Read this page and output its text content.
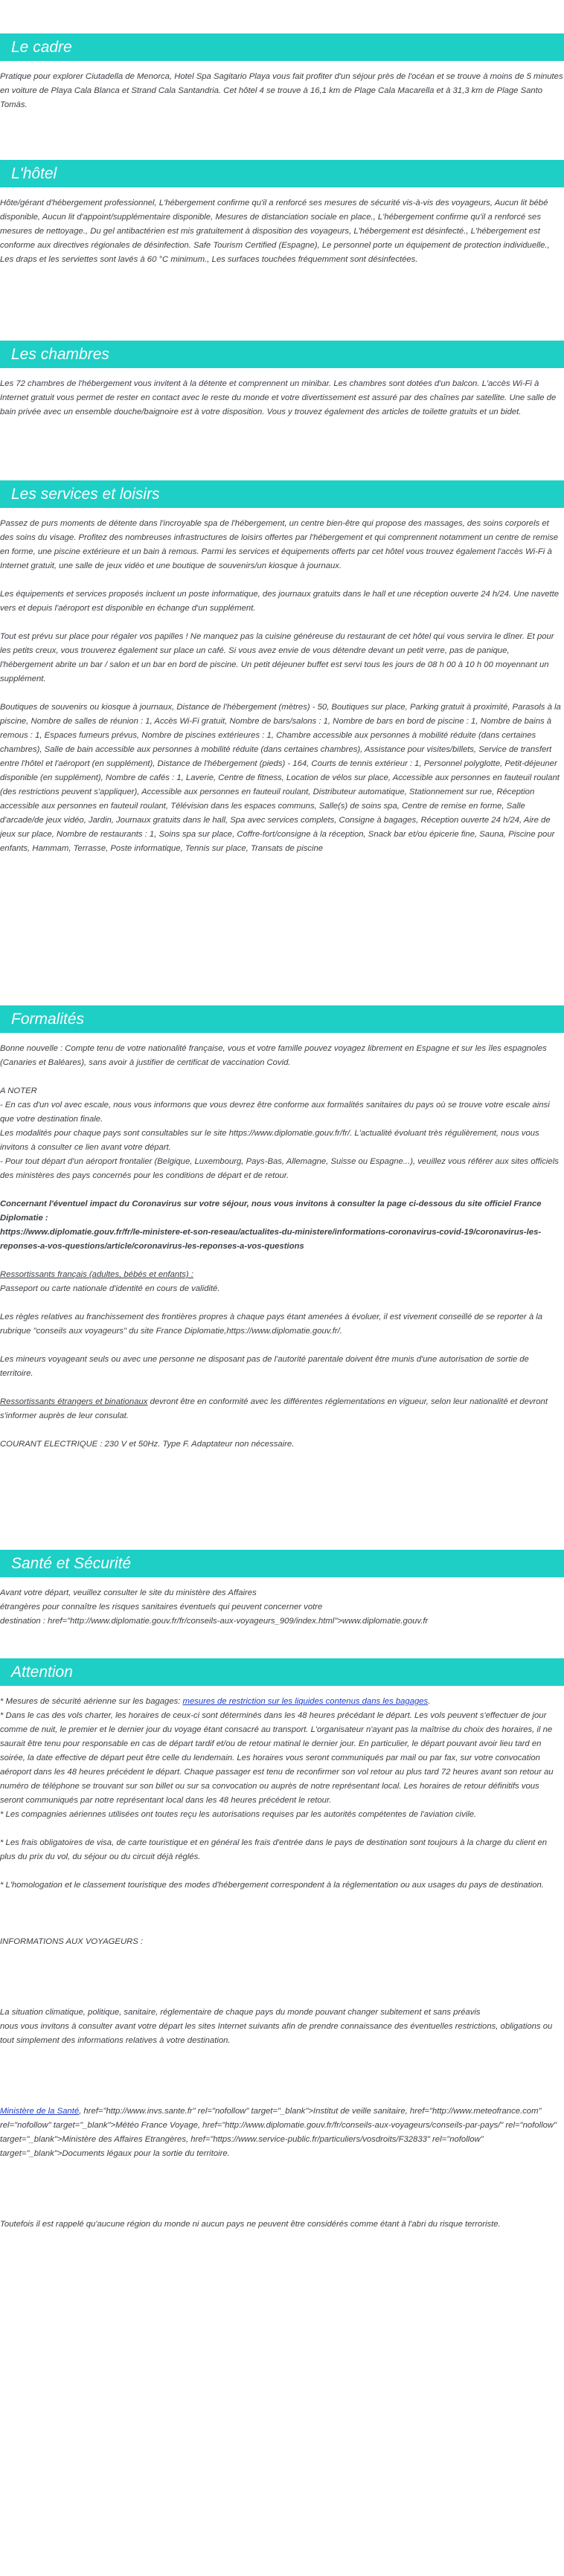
Le cadre

Pratique pour explorer Ciutadella de Menorca, Hotel Spa Sagitario Playa vous fait profiter d'un séjour près de l'océan et se trouve à moins de 5 minutes en voiture de Playa Cala Blanca et Strand Cala Santandria. Cet hôtel 4 se trouve à 16,1 km de Plage Cala Macarella et à 31,3 km de Plage Santo Tomás.

L'hôtel

Hôte/gérant d'hébergement professionnel, L'hébergement confirme qu'il a renforcé ses mesures de sécurité vis-à-vis des voyageurs, Aucun lit bébé disponible, Aucun lit d'appoint/supplémentaire disponible, Mesures de distanciation sociale en place., L'hébergement confirme qu'il a renforcé ses mesures de nettoyage., Du gel antibactérien est mis gratuitement à disposition des voyageurs, L'hébergement est désinfecté., L'hébergement est conforme aux directives régionales de désinfection. Safe Tourism Certified (Espagne), Le personnel porte un équipement de protection individuelle., Les draps et les serviettes sont lavés à 60 °C minimum., Les surfaces touchées fréquemment sont désinfectées.

Les chambres

Les 72 chambres de l'hébergement vous invitent à la détente et comprennent un minibar. Les chambres sont dotées d'un balcon. L'accès Wi-Fi à Internet gratuit vous permet de rester en contact avec le reste du monde et votre divertissement est assuré par des chaînes par satellite. Une salle de bain privée avec un ensemble douche/baignoire est à votre disposition. Vous y trouvez également des articles de toilette gratuits et un bidet.

Les services et loisirs

Passez de purs moments de détente dans l'incroyable spa de l'hébergement, un centre bien-être qui propose des massages, des soins corporels et des soins du visage. Profitez des nombreuses infrastructures de loisirs offertes par l'hébergement et qui comprennent notamment un centre de remise en forme, une piscine extérieure et un bain à remous. Parmi les services et équipements offerts par cet hôtel vous trouvez également l'accès Wi-Fi à Internet gratuit, une salle de jeux vidéo et une boutique de souvenirs/un kiosque à journaux.

Les équipements et services proposés incluent un poste informatique, des journaux gratuits dans le hall et une réception ouverte 24 h/24. Une navette vers et depuis l'aéroport est disponible en échange d'un supplément.

Tout est prévu sur place pour régaler vos papilles ! Ne manquez pas la cuisine généreuse du restaurant de cet hôtel qui vous servira le dîner. Et pour les petits creux, vous trouverez également sur place un café. Si vous avez envie de vous détendre devant un petit verre, pas de panique, l'hébergement abrite un bar / salon et un bar en bord de piscine. Un petit déjeuner buffet est servi tous les jours de 08 h 00 à 10 h 00 moyennant un supplément.

Boutiques de souvenirs ou kiosque à journaux, Distance de l'hébergement (mètres) - 50, Boutiques sur place, Parking gratuit à proximité, Parasols à la piscine, Nombre de salles de réunion : 1, Accès Wi-Fi gratuit, Nombre de bars/salons : 1, Nombre de bars en bord de piscine : 1, Nombre de bains à remous : 1, Espaces fumeurs prévus, Nombre de piscines extérieures : 1, Chambre accessible aux personnes à mobilité réduite (dans certaines chambres), Salle de bain accessible aux personnes à mobilité réduite (dans certaines chambres), Assistance pour visites/billets, Service de transfert entre l'hôtel et l'aéroport (en supplément), Distance de l'hébergement (pieds) - 164, Courts de tennis extérieur : 1, Personnel polyglotte, Petit-déjeuner disponible (en supplément), Nombre de cafés : 1, Laverie, Centre de fitness, Location de vélos sur place, Accessible aux personnes en fauteuil roulant (des restrictions peuvent s'appliquer), Accessible aux personnes en fauteuil roulant, Distributeur automatique, Stationnement sur rue, Réception accessible aux personnes en fauteuil roulant, Télévision dans les espaces communs, Salle(s) de soins spa, Centre de remise en forme, Salle d'arcade/de jeux vidéo, Jardin, Journaux gratuits dans le hall, Spa avec services complets, Consigne à bagages, Réception ouverte 24 h/24, Aire de jeux sur place, Nombre de restaurants : 1, Soins spa sur place, Coffre-fort/consigne à la réception, Snack bar et/ou épicerie fine, Sauna, Piscine pour enfants, Hammam, Terrasse, Poste informatique, Tennis sur place, Transats de piscine

Formalités

Bonne nouvelle : Compte tenu de votre nationalité française, vous et votre famille pouvez voyagez librement en Espagne et sur les îles espagnoles (Canaries et Baléares), sans avoir à justifier de certificat de vaccination Covid.

A NOTER
- En cas d'un vol avec escale, nous vous informons que vous devrez être conforme aux formalités sanitaires du pays où se trouve votre escale ainsi que votre destination finale.
Les modalités pour chaque pays sont consultables sur le site https://www.diplomatie.gouv.fr/fr/. L'actualité évoluant très régulièrement, nous vous invitons à consulter ce lien avant votre départ.
- Pour tout départ d'un aéroport frontalier (Belgique, Luxembourg, Pays-Bas, Allemagne, Suisse ou Espagne...), veuillez vous référer aux sites officiels des ministères des pays concernés pour les conditions de départ et de retour.

Concernant l'éventuel impact du Coronavirus sur votre séjour, nous vous invitons à consulter la page ci-dessous du site officiel France Diplomatie :
https://www.diplomatie.gouv.fr/fr/le-ministere-et-son-reseau/actualites-du-ministere/informations-coronavirus-covid-19/coronavirus-les-reponses-a-vos-questions/article/coronavirus-les-reponses-a-vos-questions

Ressortissants français (adultes, bébés et enfants) :
Passeport ou carte nationale d'identité en cours de validité.

Les règles relatives au franchissement des frontières propres à chaque pays étant amenées à évoluer, il est vivement conseillé de se reporter à la rubrique "conseils aux voyageurs" du site France Diplomatie,https://www.diplomatie.gouv.fr/.

Les mineurs voyageant seuls ou avec une personne ne disposant pas de l'autorité parentale doivent être munis d'une autorisation de sortie de territoire.

Ressortissants étrangers et binationaux devront être en conformité avec les différentes réglementations en vigueur, selon leur nationalité et devront s'informer auprès de leur consulat.

COURANT ELECTRIQUE : 230 V et 50Hz. Type F. Adaptateur non nécessaire.

Santé et Sécurité
Avant votre départ, veuillez consulter le site du ministère des Affaires
étrangères pour connaître les risques sanitaires éventuels qui peuvent concerner votre
destination : href="http://www.diplomatie.gouv.fr/fr/conseils-aux-voyageurs_909/index.html">www.diplomatie.gouv.fr
Attention
* Mesures de sécurité aérienne sur les bagages: mesures de restriction sur les liquides contenus dans les bagages.
* Dans le cas des vols charter, les horaires de ceux-ci sont déterminés dans les 48 heures précédant le départ. Les vols peuvent s'effectuer de jour comme de nuit, le premier et le dernier jour du voyage étant consacré au transport. L'organisateur n'ayant pas la maîtrise du choix des horaires, il ne saurait être tenu pour responsable en cas de départ tardif et/ou de retour matinal le dernier jour. En particulier, le départ pouvant avoir lieu tard en soirée, la date effective de départ peut être celle du lendemain. Les horaires vous seront communiqués par mail ou par fax, sur votre convocation aéroport dans les 48 heures précédent le départ. Chaque passager est tenu de reconfirmer son vol retour au plus tard 72 heures avant son retour au numéro de téléphone se trouvant sur son billet ou sur sa convocation ou auprès de notre représentant local. Les horaires de retour définitifs vous seront communiqués par notre représentant local dans les 48 heures précédent le retour.
* Les compagnies aériennes utilisées ont toutes reçu les autorisations requises par les autorités compétentes de l'aviation civile.
* Les frais obligatoires de visa, de carte touristique et en général les frais d'entrée dans le pays de destination sont toujours à la charge du client en plus du prix du vol, du séjour ou du circuit déjà réglés.
* L'homologation et le classement touristique des modes d'hébergement correspondent à la réglementation ou aux usages du pays de destination.
INFORMATIONS AUX VOYAGEURS :
La situation climatique, politique, sanitaire, réglementaire de chaque pays du monde pouvant changer subitement et sans préavis
nous vous invitons à consulter avant votre départ les sites Internet suivants afin de prendre connaissance des éventuelles restrictions, obligations ou tout simplement des informations relatives à votre destination.
Ministère de la Santé, href="http://www.invs.sante.fr" rel="nofollow" target="_blank">Institut de veille sanitaire, href="http://www.meteofrance.com" rel="nofollow" target="_blank">Météo France Voyage, href="http://www.diplomatie.gouv.fr/fr/conseils-aux-voyageurs/conseils-par-pays/" rel="nofollow" target="_blank">Ministère des Affaires Etrangères, href="https://www.service-public.fr/particuliers/vosdroits/F32833" rel="nofollow" target="_blank">Documents légaux pour la sortie du territoire.
Toutefois il est rappelé qu'aucune région du monde ni aucun pays ne peuvent être considérés comme étant à l'abri du risque terroriste.
